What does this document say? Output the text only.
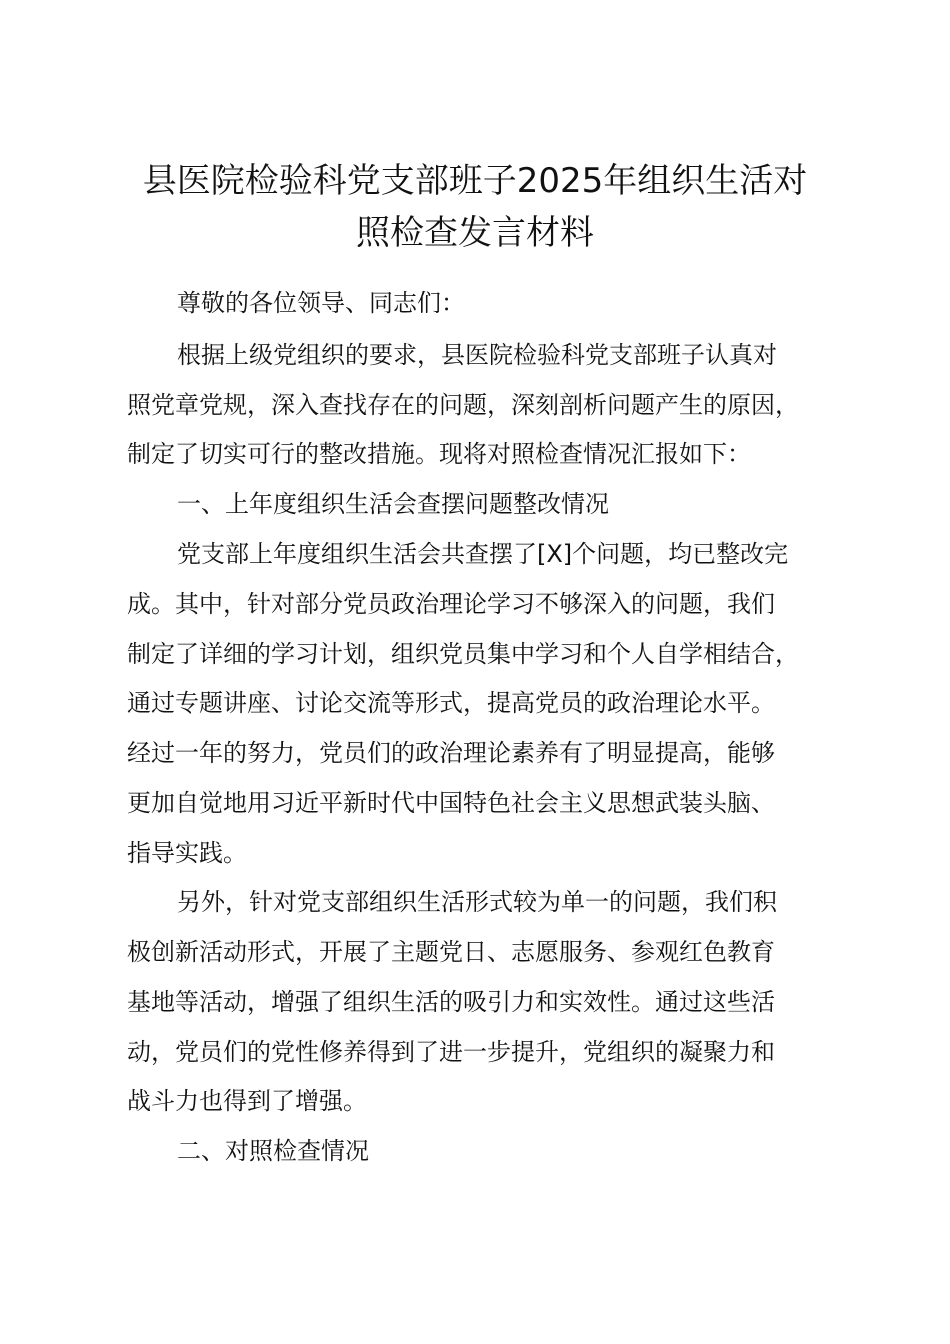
县医院检验科党支部班子2025年组织生活对
照检查发言材料

尊敬的各位领导、同志们：

根据上级党组织的要求，县医院检验科党支部班子认真对

照党章党规，深入查找存在的问题，深刻剖析问题产生的原因，

制定了切实可行的整改措施。现将对照检查情况汇报如下：

一、上年度组织生活会查摆问题整改情况

党支部上年度组织生活会共查摆了[X]个问题，均已整改完

成。其中，针对部分党员政治理论学习不够深入的问题，我们

制定了详细的学习计划，组织党员集中学习和个人自学相结合，

通过专题讲座、讨论交流等形式，提高党员的政治理论水平。

经过一年的努力，党员们的政治理论素养有了明显提高，能够

更加自觉地用习近平新时代中国特色社会主义思想武装头脑、

指导实践。

另外，针对党支部组织生活形式较为单一的问题，我们积

极创新活动形式，开展了主题党日、志愿服务、参观红色教育

基地等活动，增强了组织生活的吸引力和实效性。通过这些活

动，党员们的党性修养得到了进一步提升，党组织的凝聚力和

战斗力也得到了增强。

二、对照检查情况
